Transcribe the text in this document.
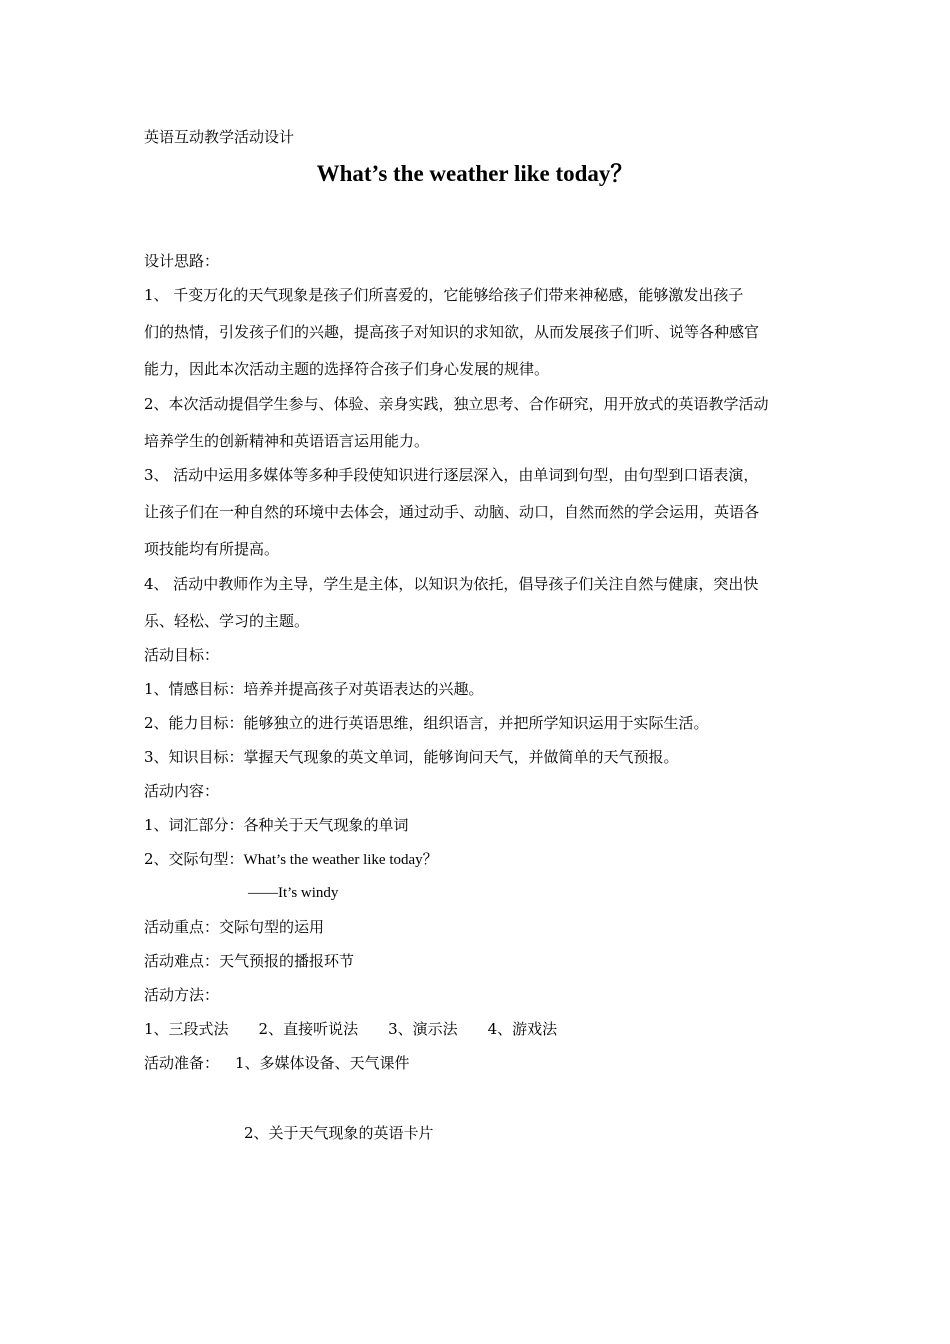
英语互动教学活动设计

What’s the weather like today？

设计思路：

1、 千变万化的天气现象是孩子们所喜爱的，它能够给孩子们带来神秘感，能够激发出孩子

们的热情，引发孩子们的兴趣，提高孩子对知识的求知欲，从而发展孩子们听、说等各种感官

能力，因此本次活动主题的选择符合孩子们身心发展的规律。

2、本次活动提倡学生参与、体验、亲身实践，独立思考、合作研究，用开放式的英语教学活动

培养学生的创新精神和英语语言运用能力。

3、 活动中运用多媒体等多种手段使知识进行逐层深入，由单词到句型，由句型到口语表演，

让孩子们在一种自然的环境中去体会，通过动手、动脑、动口，自然而然的学会运用，英语各

项技能均有所提高。

4、 活动中教师作为主导，学生是主体，以知识为依托，倡导孩子们关注自然与健康，突出快

乐、轻松、学习的主题。

活动目标：

1、情感目标：培养并提高孩子对英语表达的兴趣。

2、能力目标：能够独立的进行英语思维，组织语言，并把所学知识运用于实际生活。

3、知识目标：掌握天气现象的英文单词，能够询问天气，并做简单的天气预报。

活动内容：

1、词汇部分：各种关于天气现象的单词

2、交际句型：What’s the weather like today？

——It’s windy

活动重点：交际句型的运用

活动难点：天气预报的播报环节

活动方法：

1、三段式法 2、直接听说法 3、演示法 4、游戏法

活动准备： 1、多媒体设备、天气课件

2、关于天气现象的英语卡片
